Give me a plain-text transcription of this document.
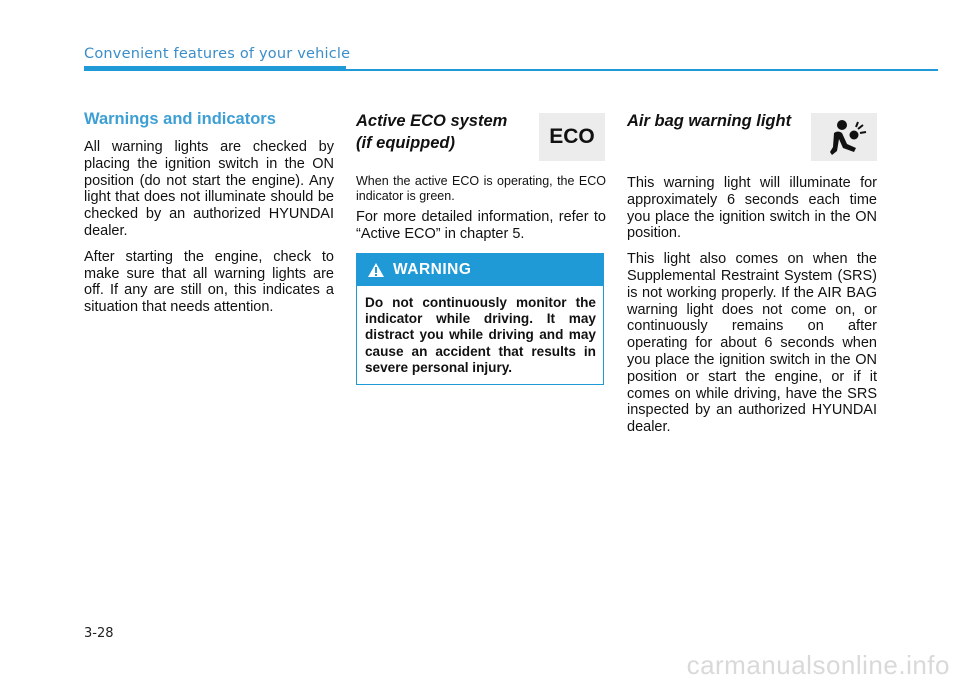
Convenient features of your vehicle
Warnings and indicators

All warning lights are checked by placing the ignition switch in the ON position (do not start the engine). Any light that does not illuminate should be checked by an authorized HYUNDAI dealer.

After starting the engine, check to make sure that all warning lights are off. If any are still on, this indicates a situation that needs attention.

Active ECO system
(if equipped)

When the active ECO is operating, the ECO indicator is green.

For more detailed information, refer to “Active ECO” in chapter 5.

ECO
WARNING
Do not continuously monitor the indicator while driving. It may distract you while driving and may cause an accident that results in severe personal injury.
Air bag warning light

This warning light will illuminate for approximately 6 seconds each time you place the ignition switch in the ON position.

This light also comes on when the Supplemental Restraint System (SRS) is not working properly. If the AIR BAG warning light does not come on, or continuously remains on after operating for about 6 seconds when you place the ignition switch in the ON position or start the engine, or if it comes on while driving, have the SRS inspected by an authorized HYUNDAI dealer.

3-28
carmanualsonline.info
